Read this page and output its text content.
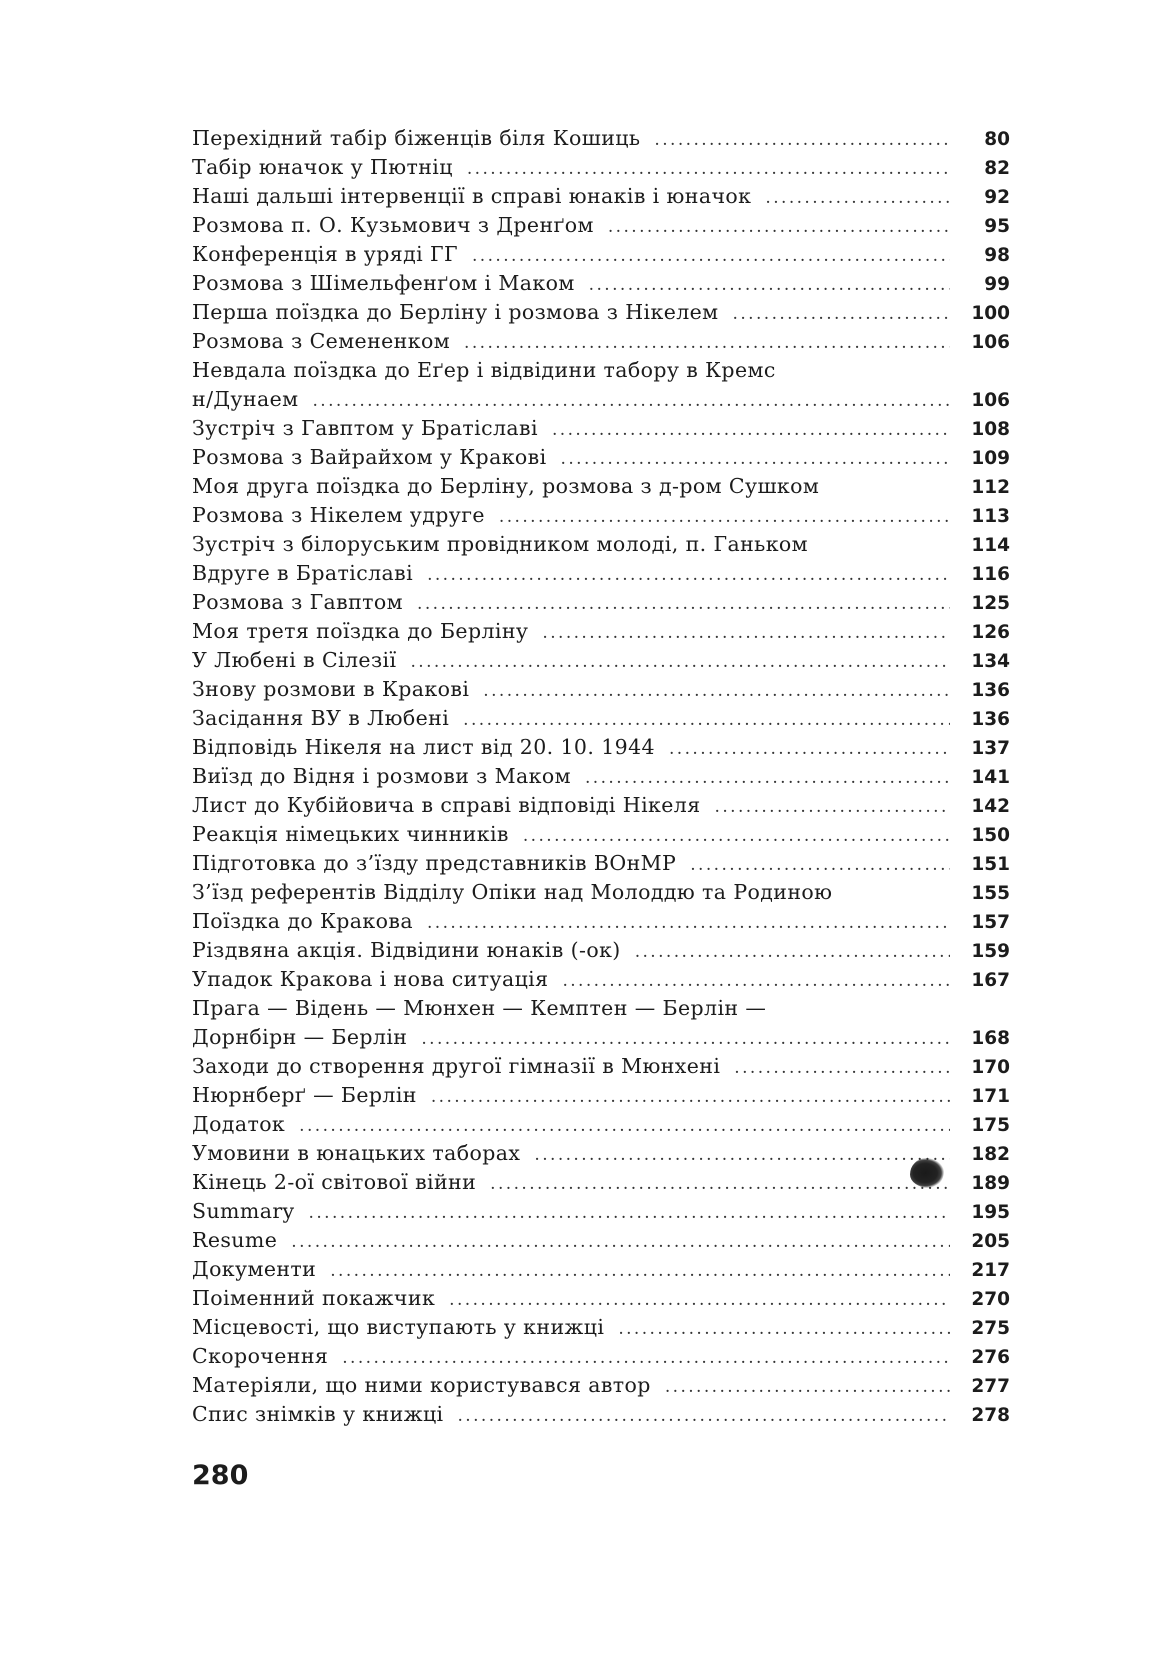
Перехідний табір біженців біля Кошиць . . .	80
Табір юначок у Пютніц . . .	82
Наші дальші інтервенції в справі юнаків і юначок . . .	92
Розмова п. О. Кузьмович з Дренґом . . .	95
Конференція в уряді ГГ . . .	98
Розмова з Шімельфенґом і Маком . . .	99
Перша поїздка до Берліну і розмова з Нікелем . . .	100
Розмова з Семененком . . .	106
Невдала поїздка до Еґер і відвідини табору в Кремс
н/Дунаем . . .	106
Зустріч з Гавптом у Братіславі . . .	108
Розмова з Вайрайхом у Кракові . . .	109
Моя друга поїздка до Берліну, розмова з д-ром Сушком	112
Розмова з Нікелем удруге . . .	113
Зустріч з білоруським провідником молоді, п. Ганьком	114
Вдруге в Братіславі . . .	116
Розмова з Гавптом . . .	125
Моя третя поїздка до Берліну . . .	126
У Любені в Сілезії . . .	134
Знову розмови в Кракові . . .	136
Засідання ВУ в Любені . . .	136
Відповідь Нікеля на лист від 20. 10. 1944 . . .	137
Виїзд до Відня і розмови з Маком . . .	141
Лист до Кубійовича в справі відповіді Нікеля . . .	142
Реакція німецьких чинників . . .	150
Підготовка до з’їзду представників ВОнМР . . .	151
З’їзд референтів Відділу Опіки над Молоддю та Родиною	155
Поїздка до Кракова . . .	157
Різдвяна акція. Відвідини юнаків (-ок) . . .	159
Упадок Кракова і нова ситуація . . .	167
Прага — Відень — Мюнхен — Кемптен — Берлін —
Дорнбірн — Берлін . . .	168
Заходи до створення другої гімназії в Мюнхені . . .	170
Нюрнберґ — Берлін . . .	171
Додаток . . .	175
Умовини в юнацьких таборах . . .	182
Кінець 2-ої світової війни . . .	189
Summary . . .	195
Resume . . .	205
Документи . . .	217
Поіменний покажчик . . .	270
Місцевості, що виступають у книжці . . .	275
Скорочення . . .	276
Матеріяли, що ними користувався автор . . .	277
Спис знімків у книжці . . .	278
280
